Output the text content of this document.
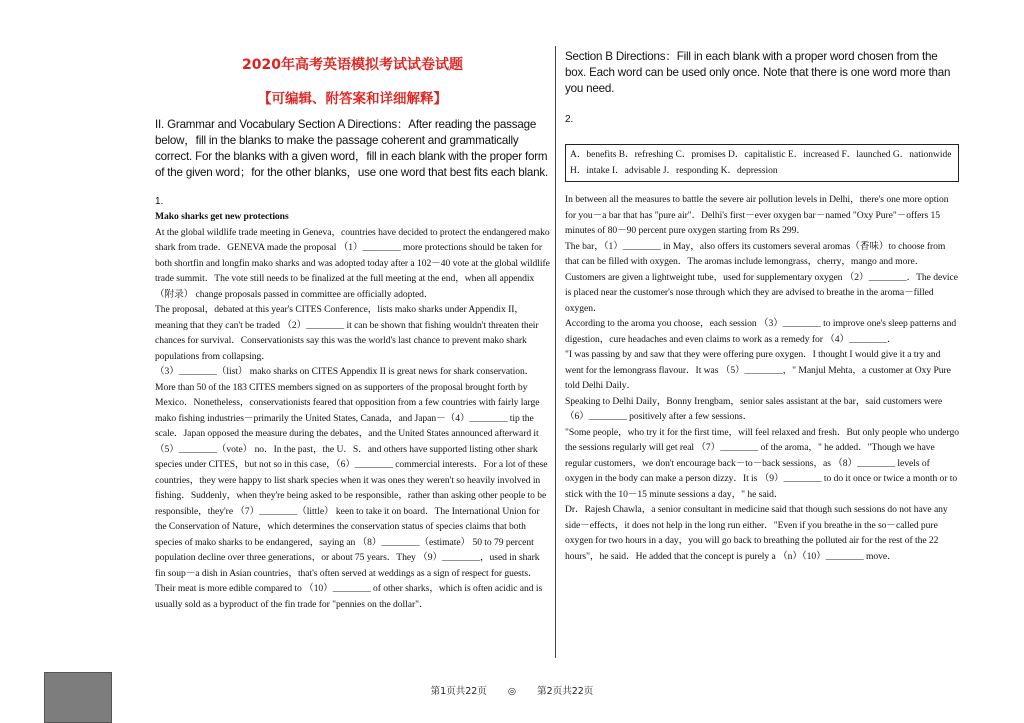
2020年高考英语模拟考试试卷试题
【可编辑、附答案和详细解释】

II. Grammar and Vocabulary Section A Directions：After reading the passage below，fill in the blanks to make the passage coherent and grammatically correct. For the blanks with a given word，fill in each blank with the proper form of the given word；for the other blanks，use one word that best fits each blank.

1.

Mako sharks get new protections

At the global wildlife trade meeting in Geneva，countries have decided to protect the endangered mako shark from trade．GENEVA made the proposal （1）________ more protections should be taken for both shortfin and longfin mako sharks and was adopted today after a 102－40 vote at the global wildlife trade summit．The vote still needs to be finalized at the full meeting at the end，when all appendix （附录） change proposals passed in committee are officially adopted．

The proposal，debated at this year's CITES Conference，lists mako sharks under Appendix II，meaning that they can't be traded （2）________ it can be shown that fishing wouldn't threaten their chances for survival．Conservationists say this was the world's last chance to prevent mako shark populations from collapsing．

（3）________（list） mako sharks on CITES Appendix II is great news for shark conservation．More than 50 of the 183 CITES members signed on as supporters of the proposal brought forth by Mexico．Nonetheless，conservationists feared that opposition from a few countries with fairly large mako fishing industries－primarily the United States, Canada，and Japan－（4）________ tip the scale．Japan opposed the measure during the debates，and the United States announced afterward it （5）________（vote） no．In the past，the U．S．and others have supported listing other shark species under CITES，but not so in this case，（6）________ commercial interests．For a lot of these countries，they were happy to list shark species when it was ones they weren't so heavily involved in fishing．Suddenly，when they're being asked to be responsible，rather than asking other people to be responsible，they're （7）________（little） keen to take it on board．The International Union for the Conservation of Nature，which determines the conservation status of species claims that both species of mako sharks to be endangered，saying an （8）________（estimate） 50 to 79 percent population decline over three generations，or about 75 years．They （9）________，used in shark fin soup－a dish in Asian countries，that's often served at weddings as a sign of respect for guests．Their meat is more edible compared to （10）________ of other sharks，which is often acidic and is usually sold as a byproduct of the fin trade for "pennies on the dollar"．

Section B Directions：Fill in each blank with a proper word chosen from the box. Each word can be used only once. Note that there is one word more than you need.

2.
A．benefits B．refreshing C．promises D．capitalistic E．increased F．launched G．nationwide H．intake I．advisable J．responding K．depression

In between all the measures to battle the severe air pollution levels in Delhi，there's one more option for you－a bar that has "pure air"．Delhi's first－ever oxygen bar－named "Oxy Pure"－offers 15 minutes of 80－90 percent pure oxygen starting from Rs 299．

The bar，（1）________ in May，also offers its customers several aromas（香味）to choose from that can be filled with oxygen．The aromas include lemongrass，cherry，mango and more．

Customers are given a lightweight tube，used for supplementary oxygen （2）________．The device is placed near the customer's nose through which they are advised to breathe in the aroma－filled oxygen．

According to the aroma you choose，each session （3）________ to improve one's sleep patterns and digestion，cure headaches and even claims to work as a remedy for （4）________．

"I was passing by and saw that they were offering pure oxygen．I thought I would give it a try and went for the lemongrass flavour．It was （5）________，" Manjul Mehta，a customer at Oxy Pure told Delhi Daily．

Speaking to Delhi Daily，Bonny Irengbam，senior sales assistant at the bar，said customers were （6）________ positively after a few sessions．

"Some people，who try it for the first time，will feel relaxed and fresh．But only people who undergo the sessions regularly will get real （7）________ of the aroma，" he added．"Though we have regular customers，we don't encourage back－to－back sessions，as （8）________ levels of oxygen in the body can make a person dizzy．It is （9）________ to do it once or twice a month or to stick with the 10－15 minute sessions a day，" he said．

Dr．Rajesh Chawla，a senior consultant in medicine said that though such sessions do not have any side－effects，it does not help in the long run either．"Even if you breathe in the so－called pure oxygen for two hours in a day，you will go back to breathing the polluted air for the rest of the 22 hours"，he said．He added that the concept is purely a （n）（10）________ move．

第1页共22页 ◎ 第2页共22页
